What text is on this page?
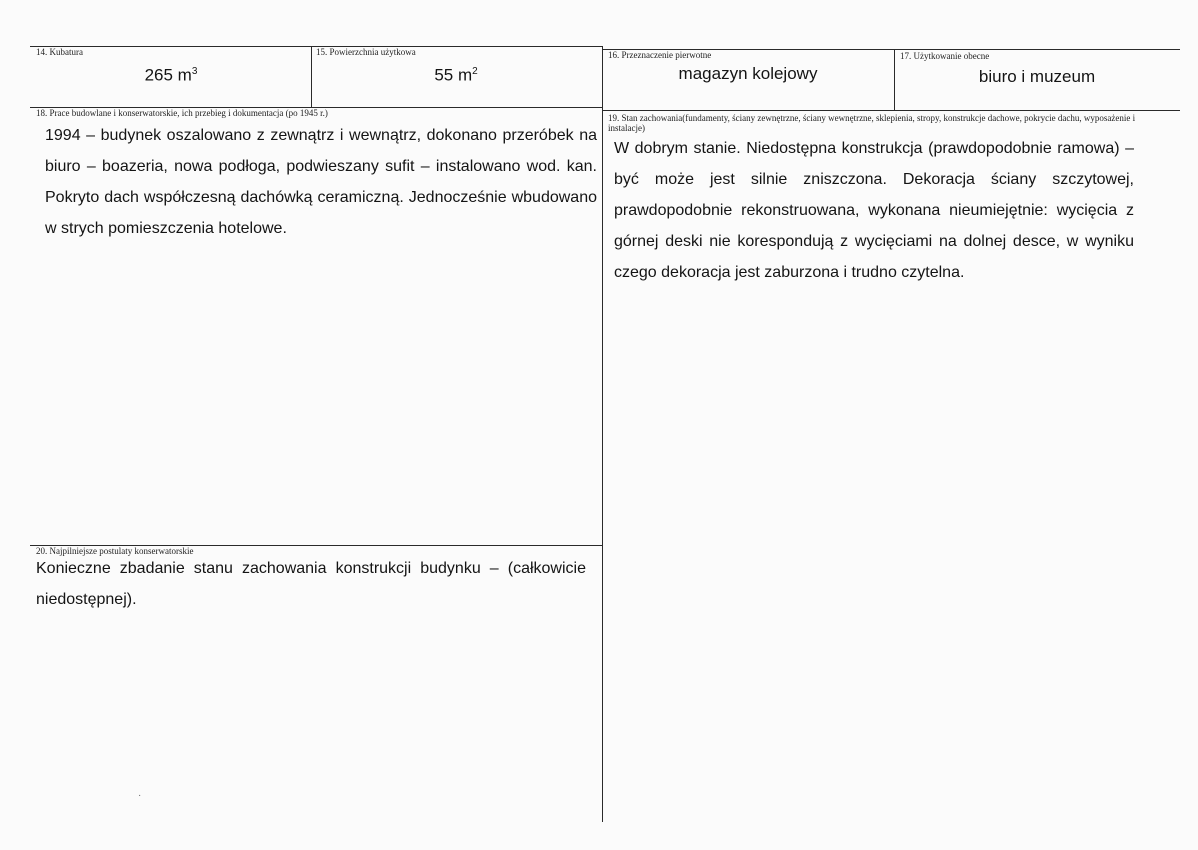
14. Kubatura
265 $m^3$
15. Powierzchnia użytkowa
55 $m^2$
16. Przeznaczenie pierwotne
magazyn kolejowy
17. Użytkowanie obecne
biuro i muzeum
18. Prace budowlane i konserwatorskie, ich przebieg i dokumentacja (po 1945 r.)
1994 – budynek oszalowano z zewnątrz i wewnątrz, dokonano przeróbek na biuro – boazeria, nowa podłoga, podwieszany sufit – instalowano wod. kan. Pokryto dach współczesną dachówką ceramiczną. Jednocześnie wbudowano w strych pomieszczenia hotelowe.
19. Stan zachowania(fundamenty, ściany zewnętrzne, ściany wewnętrzne, sklepienia, stropy, konstrukcje dachowe, pokrycie dachu, wyposażenie i instalacje)
W dobrym stanie. Niedostępna konstrukcja (prawdopodobnie ramowa) – być może jest silnie zniszczona. Dekoracja ściany szczytowej, prawdopodobnie rekonstruowana, wykonana nieumiejętnie: wycięcia z górnej deski nie korespondują z wycięciami na dolnej desce, w wyniku czego dekoracja jest zaburzona i trudno czytelna.
20. Najpilniejsze postulaty konserwatorskie
Konieczne zbadanie stanu zachowania konstrukcji budynku – (całkowicie niedostępnej).
·
